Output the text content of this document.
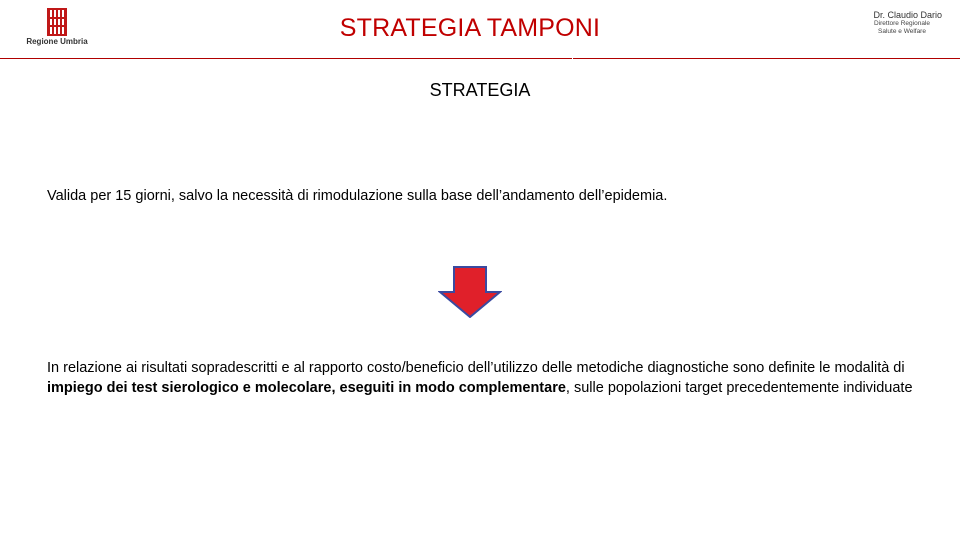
Regione Umbria	STRATEGIA TAMPONI	Dr. Claudio Dario
Direttore Regionale
Salute e Welfare
STRATEGIA
Valida per 15 giorni, salvo la necessità di rimodulazione sulla base dell’andamento dell’epidemia.
In relazione ai risultati sopradescritti e al rapporto costo/beneficio dell’utilizzo delle metodiche diagnostiche sono definite le modalità di impiego dei test sierologico e molecolare, eseguiti in modo complementare, sulle popolazioni target precedentemente individuate
